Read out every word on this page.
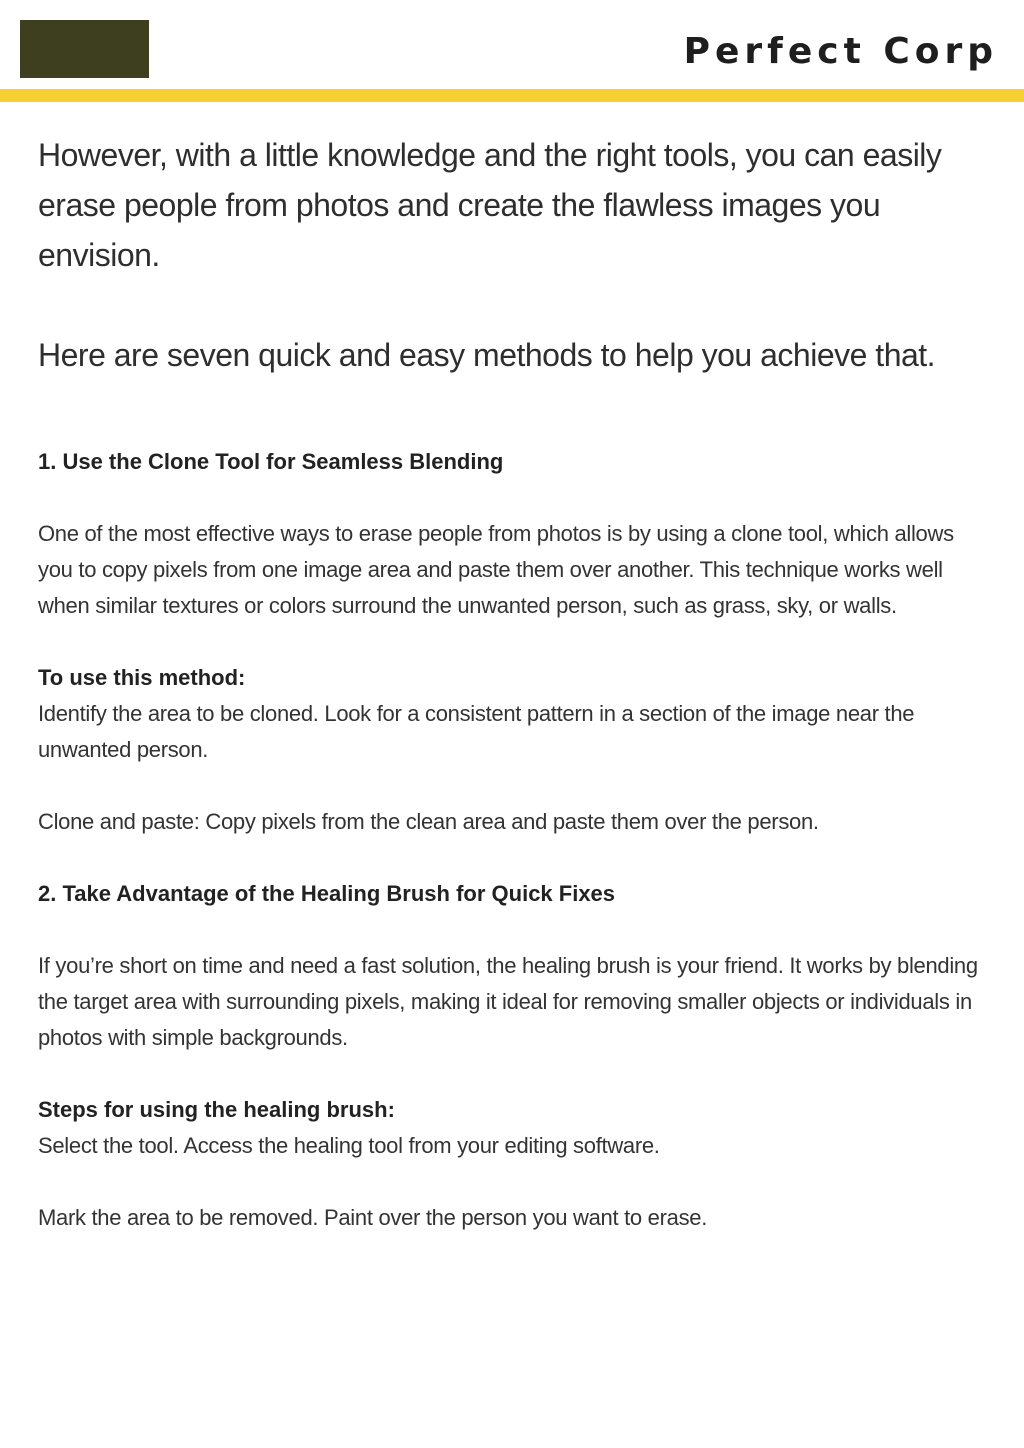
Perfect Corp

However, with a little knowledge and the right tools, you can easily erase people from photos and create the flawless images you envision.

Here are seven quick and easy methods to help you achieve that.

1. Use the Clone Tool for Seamless Blending

One of the most effective ways to erase people from photos is by using a clone tool, which allows you to copy pixels from one image area and paste them over another. This technique works well when similar textures or colors surround the unwanted person, such as grass, sky, or walls.

To use this method:

Identify the area to be cloned. Look for a consistent pattern in a section of the image near the unwanted person.

Clone and paste: Copy pixels from the clean area and paste them over the person.

2. Take Advantage of the Healing Brush for Quick Fixes

If you’re short on time and need a fast solution, the healing brush is your friend. It works by blending the target area with surrounding pixels, making it ideal for removing smaller objects or individuals in photos with simple backgrounds.

Steps for using the healing brush:

Select the tool. Access the healing tool from your editing software.

Mark the area to be removed. Paint over the person you want to erase.
